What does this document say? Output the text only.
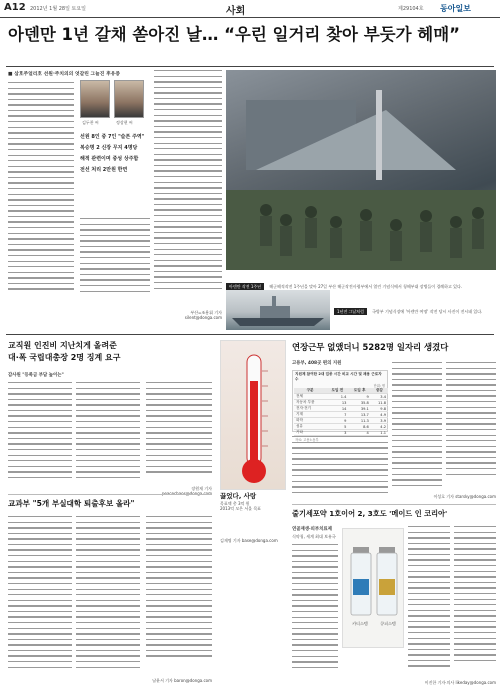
A12 2012년 1월 28일 토요일	사회	제29104호 동아일보
아덴만 1년 갈채 쏟아진 날… “우린 일거리 찾아 부둣가 헤매”
■ 삼호주얼리호 선원·주치의의 엇갈린 그늘진 후유증
김두찬 씨	정상현 씨
선원 8인 중 7인 "슬픈 주역"
복승명 2 신장 무지 4명당
해적 관련이며 중성 상주함
전선 처리 2만원 한면
부산=조용휘 기자 silent@donga.com
아덴만 작전 1주년 해군해적작전 1주년을 맞아 27일 부산 해군작전사령부에서 열린 기념식에서 청해부대 장병들이 경례하고 있다.
1년전 그날처럼 국방부 기념식장에 '아덴만 여명' 작전 당시 사진이 전시돼 있다.
교직원 인진비 지난치게 올려준
대·폭 국립대총장 2명 징계 요구
감사원 "등록금 부담 높이는"
장원재 기자
끓었다, 사랑
목표액 총 3억 원
2013억 모은 서울 목표
김재명 기자 base@donga.com
교과부 "5개 부실대학 퇴출후보 올라"
남윤서 기자 baron@donga.com
연장근무 없앴더니 5282명 일자리 생겼다
고용부, 408곳 편의 지원
지원제 참여한 2대 업종 시간 비교 시간 및 채용 근로자 수
단위: 명
구분	도입 전	도입 후	증감
전체	1.4	9	3.4
자동차 부품	13	35.8	11.8
전자·전기	14	39.1	9.8
기계	7	13.7	4.9
화학	9	11.3	3.9
섬유	5	8.6	4.2
기타	3	4	1.1
자료: 고용노동부
이성호 기자 starsky@donga.com
줄기세포약 1호이어 2, 3호도 '메이드 인 코리아'
연골재생·피부치료제
식약청, 세계 최대 보유국
카티스템	큐피스템
이진한 기자·의사 likeday@donga.com
